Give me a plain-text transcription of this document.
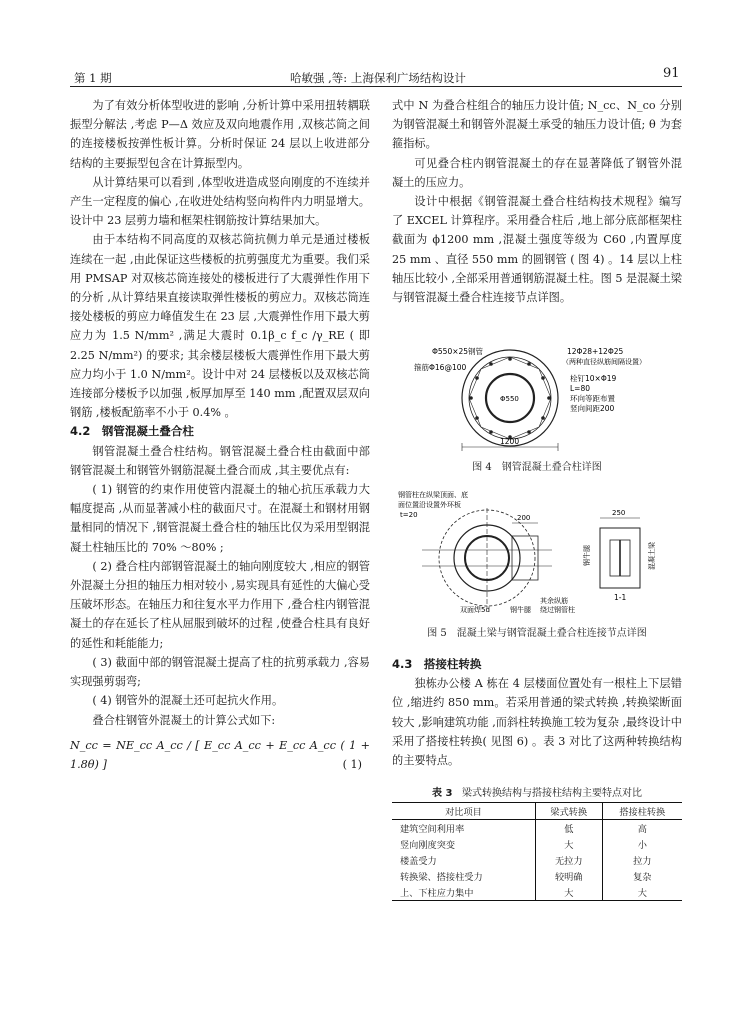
第 1 期	哈敏强 ,等: 上海保利广场结构设计	91

为了有效分析体型收进的影响 ,分析计算中采用扭转耦联振型分解法 ,考虑 P—Δ 效应及双向地震作用 ,双核芯筒之间的连接楼板按弹性板计算。分析时保证 24 层以上收进部分结构的主要振型包含在计算振型内。

从计算结果可以看到 ,体型收进造成竖向刚度的不连续并产生一定程度的偏心 ,在收进处结构竖向构件内力明显增大。设计中 23 层剪力墙和框架柱钢筋按计算结果加大。

由于本结构不同高度的双核芯筒抗侧力单元是通过楼板连续在一起 ,由此保证这些楼板的抗剪强度尤为重要。我们采用 PMSAP 对双核芯筒连接处的楼板进行了大震弹性作用下的分析 ,从计算结果直接读取弹性楼板的剪应力。双核芯筒连接处楼板的剪应力峰值发生在 23 层 ,大震弹性作用下最大剪应力为 1.5 N/mm² ,满足大震时 0.1β_c f_c /γ_RE ( 即 2.25 N/mm²) 的要求; 其余楼层楼板大震弹性作用下最大剪应力均小于 1.0 N/mm²。设计中对 24 层楼板以及双核芯筒连接部分楼板予以加强 ,板厚加厚至 140 mm ,配置双层双向钢筋 ,楼板配筋率不小于 0.4% 。

4.2　钢管混凝土叠合柱

钢管混凝土叠合柱结构。钢管混凝土叠合柱由截面中部钢管混凝土和钢管外钢筋混凝土叠合而成 ,其主要优点有:

( 1) 钢管的约束作用使管内混凝土的轴心抗压承载力大幅度提高 ,从而显著减小柱的截面尺寸。在混凝土和钢材用钢量相同的情况下 ,钢管混凝土叠合柱的轴压比仅为采用型钢混凝土柱轴压比的 70% ～80% ;

( 2) 叠合柱内部钢管混凝土的轴向刚度较大 ,相应的钢管外混凝土分担的轴压力相对较小 ,易实现具有延性的大偏心受压破坏形态。在轴压力和往复水平力作用下 ,叠合柱内钢管混凝土的存在延长了柱从屈服到破坏的过程 ,使叠合柱具有良好的延性和耗能能力;

( 3) 截面中部的钢管混凝土提高了柱的抗剪承载力 ,容易实现强剪弱弯;

( 4) 钢管外的混凝土还可起抗火作用。

叠合柱钢管外混凝土的计算公式如下:

N_cc = NE_cc A_cc / [ E_cc A_cc + E_cc A_cc ( 1 + 1.8θ) ]	( 1)

式中 N 为叠合柱组合的轴压力设计值; N_cc、N_co 分别为钢管混凝土和钢管外混凝土承受的轴压力设计值; θ 为套箍指标。

可见叠合柱内钢管混凝土的存在显著降低了钢管外混凝土的压应力。

设计中根据《钢管混凝土叠合柱结构技术规程》编写了 EXCEL 计算程序。采用叠合柱后 ,地上部分底部框架柱截面为 ϕ1200 mm ,混凝土强度等级为 C60 ,内置厚度 25 mm 、直径 550 mm 的圆钢管 ( 图 4) 。14 层以上柱轴压比较小 ,全部采用普通钢筋混凝土柱。图 5 是混凝土梁与钢管混凝土叠合柱连接节点详图。

Φ550×25钢管
箍筋Φ16@100
12Φ28+12Φ25
（两种直径纵筋间隔设置）
栓钉10×Φ19
L=80
环向等距布置
竖向间距200
Φ550
1200
图 4　钢管混凝土叠合柱详图
钢管柱在纵梁顶面、底
面位置沿设置外环板
t=20	200
250
双面焊5d	钢牛腿
其余纵筋
绕过钢管柱
1-1
钢牛腿	混凝土梁
图 5　混凝土梁与钢管混凝土叠合柱连接节点详图

4.3　搭接柱转换

独栋办公楼 A 栋在 4 层楼面位置处有一根柱上下层错位 ,缩进约 850 mm。若采用普通的梁式转换 ,转换梁断面较大 ,影响建筑功能 ,而斜柱转换施工较为复杂 ,最终设计中采用了搭接柱转换( 见图 6) 。表 3 对比了这两种转换结构的主要特点。

表 3 梁式转换结构与搭接柱结构主要特点对比
对比项目	梁式转换	搭接柱转换
建筑空间利用率	低	高
竖向刚度突变	大	小
楼盖受力	无拉力	拉力
转换梁、搭接柱受力	较明确	复杂
上、下柱应力集中	大	大
